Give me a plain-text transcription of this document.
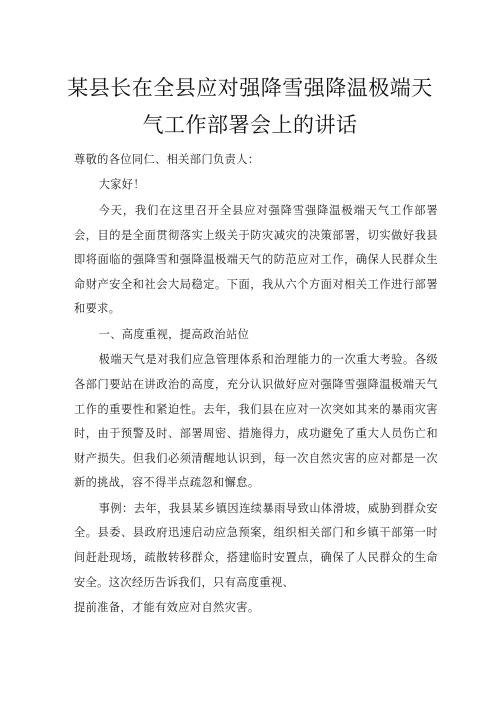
某县长在全县应对强降雪强降温极端天
气工作部署会上的讲话

尊敬的各位同仁、相关部门负责人：

大家好！

今天，我们在这里召开全县应对强降雪强降温极端天气工作部署会，目的是全面贯彻落实上级关于防灾减灾的决策部署，切实做好我县即将面临的强降雪和强降温极端天气的防范应对工作，确保人民群众生命财产安全和社会大局稳定。下面，我从六个方面对相关工作进行部署和要求。

一、高度重视，提高政治站位

极端天气是对我们应急管理体系和治理能力的一次重大考验。各级各部门要站在讲政治的高度，充分认识做好应对强降雪强降温极端天气工作的重要性和紧迫性。去年，我们县在应对一次突如其来的暴雨灾害时，由于预警及时、部署周密、措施得力，成功避免了重大人员伤亡和财产损失。但我们必须清醒地认识到，每一次自然灾害的应对都是一次新的挑战，容不得半点疏忽和懈怠。

事例：去年，我县某乡镇因连续暴雨导致山体滑坡，威胁到群众安全。县委、县政府迅速启动应急预案，组织相关部门和乡镇干部第一时间赶赴现场，疏散转移群众，搭建临时安置点，确保了人民群众的生命安全。这次经历告诉我们，只有高度重视、

提前准备，才能有效应对自然灾害。
